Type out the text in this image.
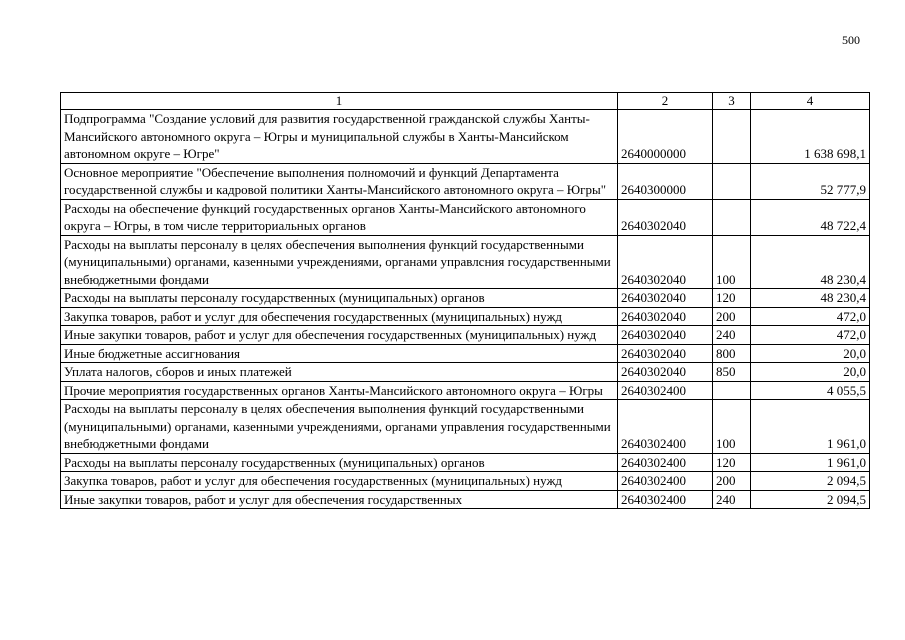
500
1	2	3	4
Подпрограмма "Создание условий для развития государственной гражданской службы Ханты-Мансийского автономного округа – Югры и муниципальной службы в Ханты-Мансийском автономном округе – Югре"	2640000000		1 638 698,1
Основное мероприятие "Обеспечение выполнения полномочий и функций Департамента государственной службы и кадровой политики Ханты-Мансийского автономного округа – Югры"	2640300000		52 777,9
Расходы на обеспечение функций государственных органов Ханты-Мансийского автономного округа – Югры, в том числе территориальных органов	2640302040		48 722,4
Расходы на выплаты персоналу в целях обеспечения выполнения функций государственными (муниципальными) органами, казенными учреждениями, органами управлсния государственными внебюджетными фондами	2640302040	100	48 230,4
Расходы на выплаты персоналу государственных (муниципальных) органов	2640302040	120	48 230,4
Закупка товаров, работ и услуг для обеспечения государственных (муниципальных) нужд	2640302040	200	472,0
Иные закупки товаров, работ и услуг для обеспечения государственных (муниципальных) нужд	2640302040	240	472,0
Иные бюджетные ассигнования	2640302040	800	20,0
Уплата налогов, сборов и иных платежей	2640302040	850	20,0
Прочие мероприятия государственных органов Ханты-Мансийского автономного округа – Югры	2640302400		4 055,5
Расходы на выплаты персоналу в целях обеспечения выполнения функций государственными (муниципальными) органами, казенными учреждениями, органами управления государственными внебюджетными фондами	2640302400	100	1 961,0
Расходы на выплаты персоналу государственных (муниципальных) органов	2640302400	120	1 961,0
Закупка товаров, работ и услуг для обеспечения государственных (муниципальных) нужд	2640302400	200	2 094,5
Иные закупки товаров, работ и услуг для обеспечения государственных	2640302400	240	2 094,5
